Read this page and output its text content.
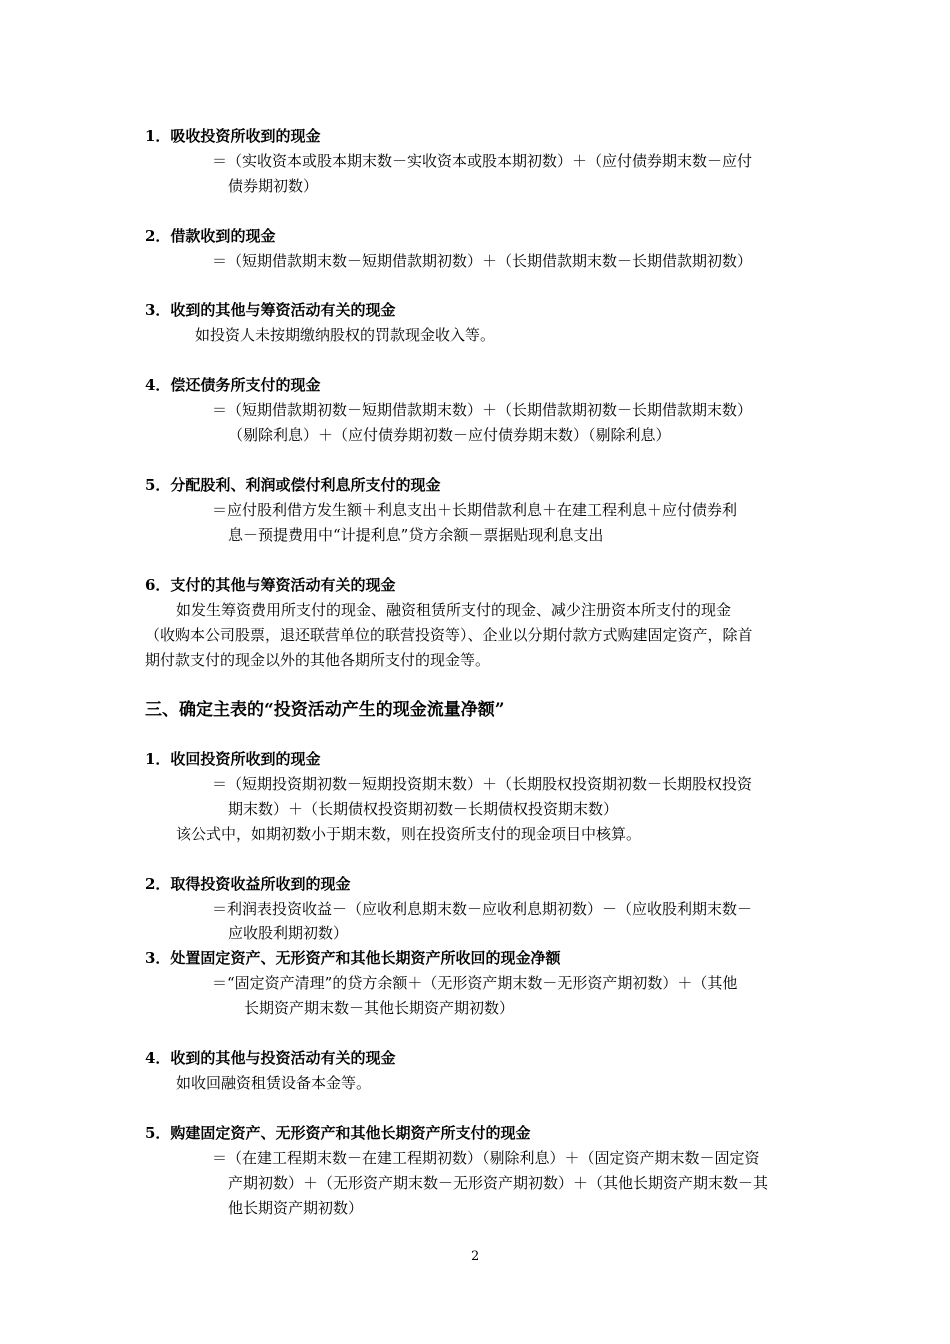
1．吸收投资所收到的现金
＝（实收资本或股本期末数－实收资本或股本期初数）＋（应付债券期末数－应付
债券期初数）
2．借款收到的现金
＝（短期借款期末数－短期借款期初数）＋（长期借款期末数－长期借款期初数）
3．收到的其他与筹资活动有关的现金
如投资人未按期缴纳股权的罚款现金收入等。
4．偿还债务所支付的现金
＝（短期借款期初数－短期借款期末数）＋（长期借款期初数－长期借款期末数）
（剔除利息）＋（应付债券期初数－应付债券期末数）（剔除利息）
5．分配股利、利润或偿付利息所支付的现金
＝应付股利借方发生额＋利息支出＋长期借款利息＋在建工程利息＋应付债券利
息－预提费用中“计提利息”贷方余额－票据贴现利息支出
6．支付的其他与筹资活动有关的现金
如发生筹资费用所支付的现金、融资租赁所支付的现金、减少注册资本所支付的现金
（收购本公司股票，退还联营单位的联营投资等）、企业以分期付款方式购建固定资产，除首
期付款支付的现金以外的其他各期所支付的现金等。
三、确定主表的“投资活动产生的现金流量净额”
1．收回投资所收到的现金
＝（短期投资期初数－短期投资期末数）＋（长期股权投资期初数－长期股权投资
期末数）＋（长期债权投资期初数－长期债权投资期末数）
该公式中，如期初数小于期末数，则在投资所支付的现金项目中核算。
2．取得投资收益所收到的现金
＝利润表投资收益－（应收利息期末数－应收利息期初数）－（应收股利期末数－
应收股利期初数）
3．处置固定资产、无形资产和其他长期资产所收回的现金净额
＝“固定资产清理”的贷方余额＋（无形资产期末数－无形资产期初数）＋（其他
长期资产期末数－其他长期资产期初数）
4．收到的其他与投资活动有关的现金
如收回融资租赁设备本金等。
5．购建固定资产、无形资产和其他长期资产所支付的现金
＝（在建工程期末数－在建工程期初数）（剔除利息）＋（固定资产期末数－固定资
产期初数）＋（无形资产期末数－无形资产期初数）＋（其他长期资产期末数－其
他长期资产期初数）
2
